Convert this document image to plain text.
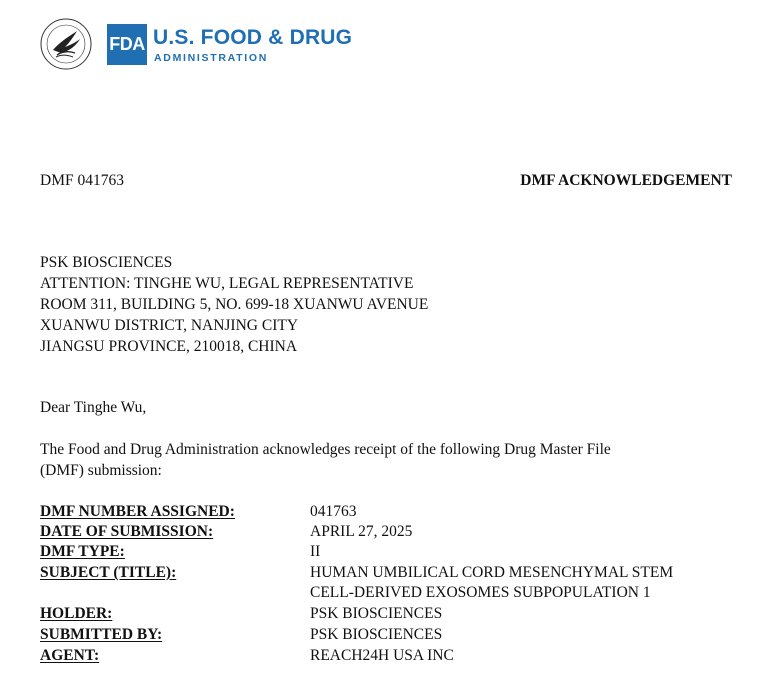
FDA U.S. FOOD & DRUG
ADMINISTRATION
DMF 041763	DMF ACKNOWLEDGEMENT
PSK BIOSCIENCES
ATTENTION: TINGHE WU, LEGAL REPRESENTATIVE
ROOM 311, BUILDING 5, NO. 699-18 XUANWU AVENUE
XUANWU DISTRICT, NANJING CITY
JIANGSU PROVINCE, 210018, CHINA
Dear Tinghe Wu,
The Food and Drug Administration acknowledges receipt of the following Drug Master File
(DMF) submission:
DMF NUMBER ASSIGNED:	041763
DATE OF SUBMISSION:	APRIL 27, 2025
DMF TYPE:	II
SUBJECT (TITLE):	HUMAN UMBILICAL CORD MESENCHYMAL STEM
CELL-DERIVED EXOSOMES SUBPOPULATION 1
HOLDER:	PSK BIOSCIENCES
SUBMITTED BY:	PSK BIOSCIENCES
AGENT:	REACH24H USA INC
